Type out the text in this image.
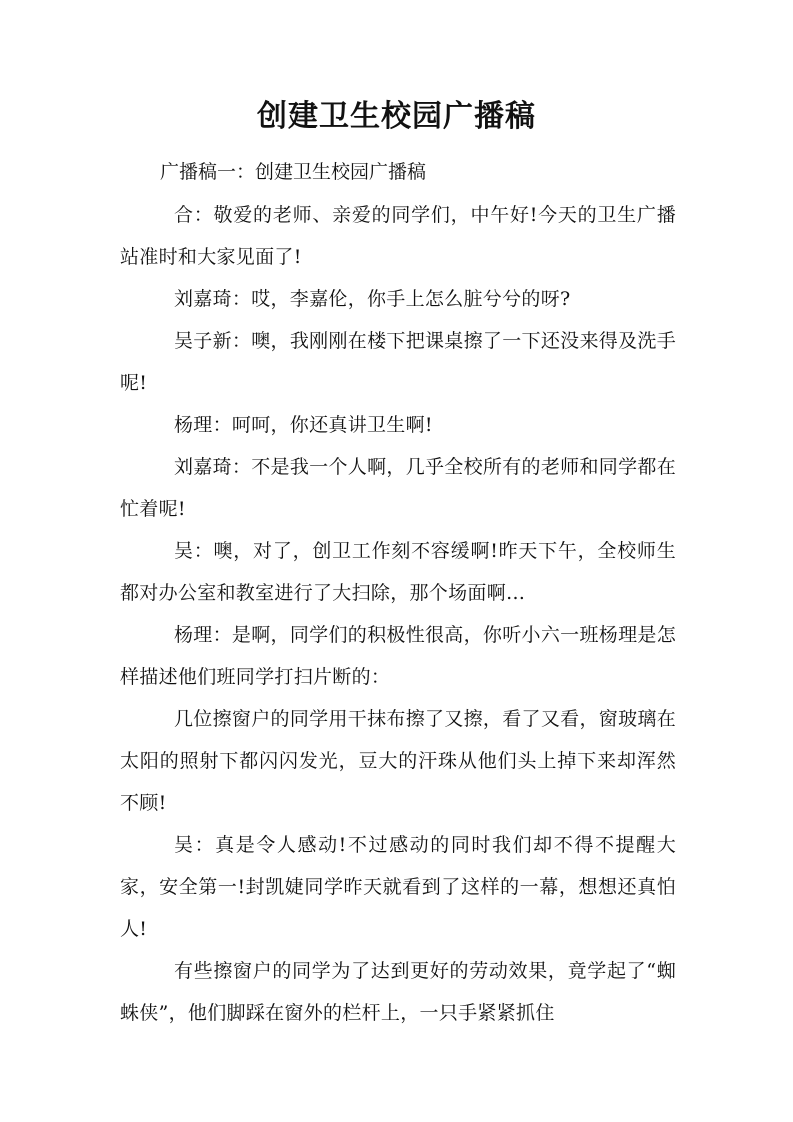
创建卫生校园广播稿

广播稿一：创建卫生校园广播稿

合：敬爱的老师、亲爱的同学们，中午好!今天的卫生广播站准时和大家见面了!

刘嘉琦：哎，李嘉伦，你手上怎么脏兮兮的呀?

吴子新：噢，我刚刚在楼下把课桌擦了一下还没来得及洗手呢!

杨理：呵呵，你还真讲卫生啊!

刘嘉琦：不是我一个人啊，几乎全校所有的老师和同学都在忙着呢!

吴：噢，对了，创卫工作刻不容缓啊!昨天下午，全校师生都对办公室和教室进行了大扫除，那个场面啊…

杨理：是啊，同学们的积极性很高，你听小六一班杨理是怎样描述他们班同学打扫片断的：

几位擦窗户的同学用干抹布擦了又擦，看了又看，窗玻璃在太阳的照射下都闪闪发光，豆大的汗珠从他们头上掉下来却浑然不顾!

吴：真是令人感动!不过感动的同时我们却不得不提醒大家，安全第一!封凯婕同学昨天就看到了这样的一幕，想想还真怕人!

有些擦窗户的同学为了达到更好的劳动效果，竟学起了“蜘蛛侠”，他们脚踩在窗外的栏杆上，一只手紧紧抓住
